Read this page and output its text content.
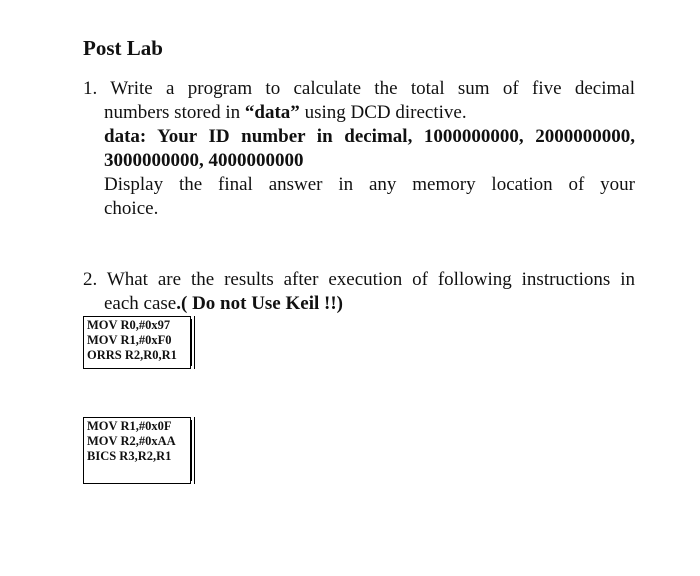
Post Lab
1. Write a program to calculate the total sum of five decimal
numbers stored in “data” using DCD directive.
data: Your ID number in decimal, 1000000000, 2000000000,
3000000000, 4000000000
Display the final answer in any memory location of your
choice.
2. What are the results after execution of following instructions in
each case.( Do not Use Keil !!)
MOV R0,#0x97
MOV R1,#0xF0
ORRS R2,R0,R1
MOV R1,#0x0F
MOV R2,#0xAA
BICS R3,R2,R1
